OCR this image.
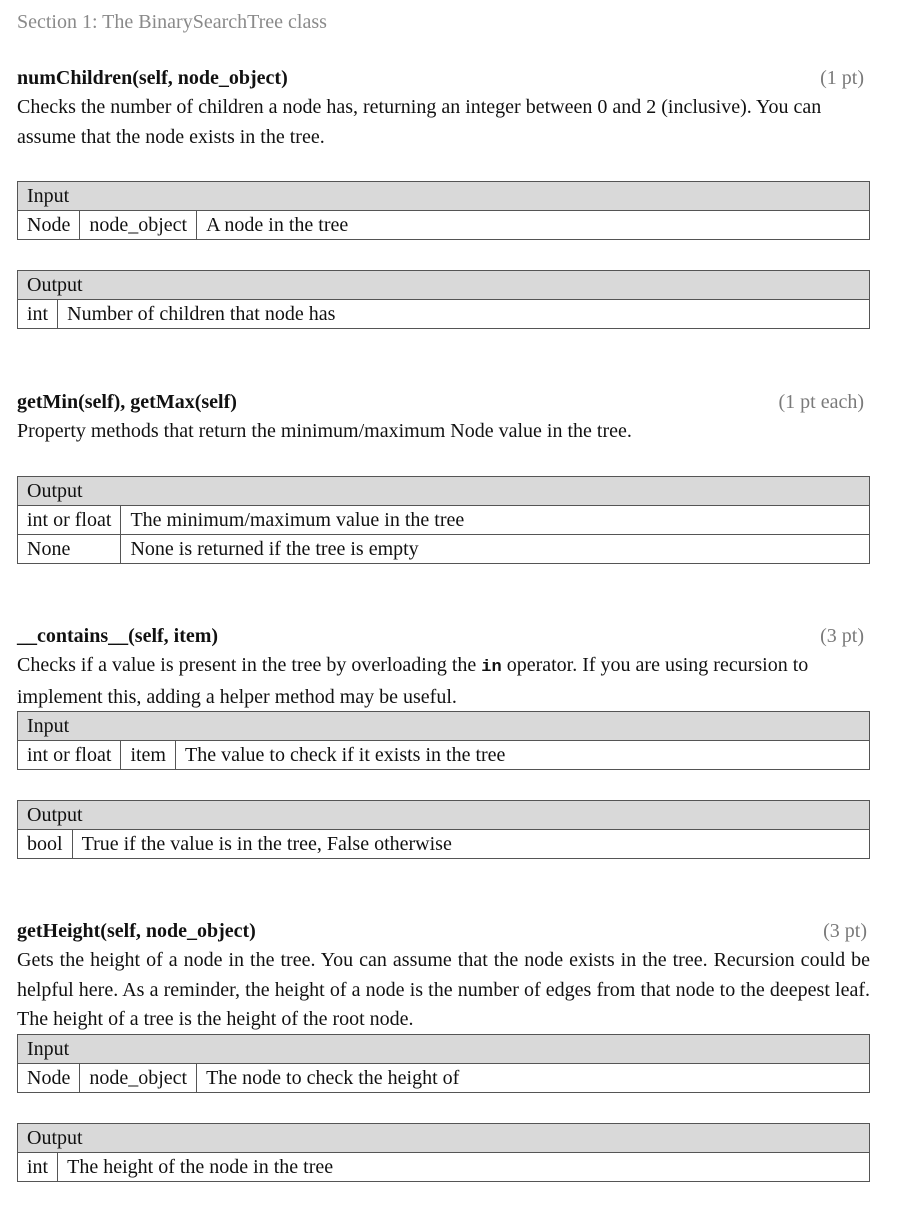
Section 1: The BinarySearchTree class
numChildren(self, node_object)	(1 pt)

Checks the number of children a node has, returning an integer between 0 and 2 (inclusive). You can assume that the node exists in the tree.

Input
Node	node_object	A node in the tree
Output
int	Number of children that node has
getMin(self), getMax(self)	(1 pt each)

Property methods that return the minimum/maximum Node value in the tree.

Output	
int or float	The minimum/maximum value in the tree
None	None is returned if the tree is empty
__contains__(self, item)	(3 pt)

Checks if a value is present in the tree by overloading the in operator. If you are using recursion to implement this, adding a helper method may be useful.

Input
int or float	item	The value to check if it exists in the tree
Output
bool	True if the value is in the tree, False otherwise
getHeight(self, node_object)	(3 pt)

Gets the height of a node in the tree. You can assume that the node exists in the tree. Recursion could be helpful here. As a reminder, the height of a node is the number of edges from that node to the deepest leaf. The height of a tree is the height of the root node.

Input
Node	node_object	The node to check the height of
Output
int	The height of the node in the tree
